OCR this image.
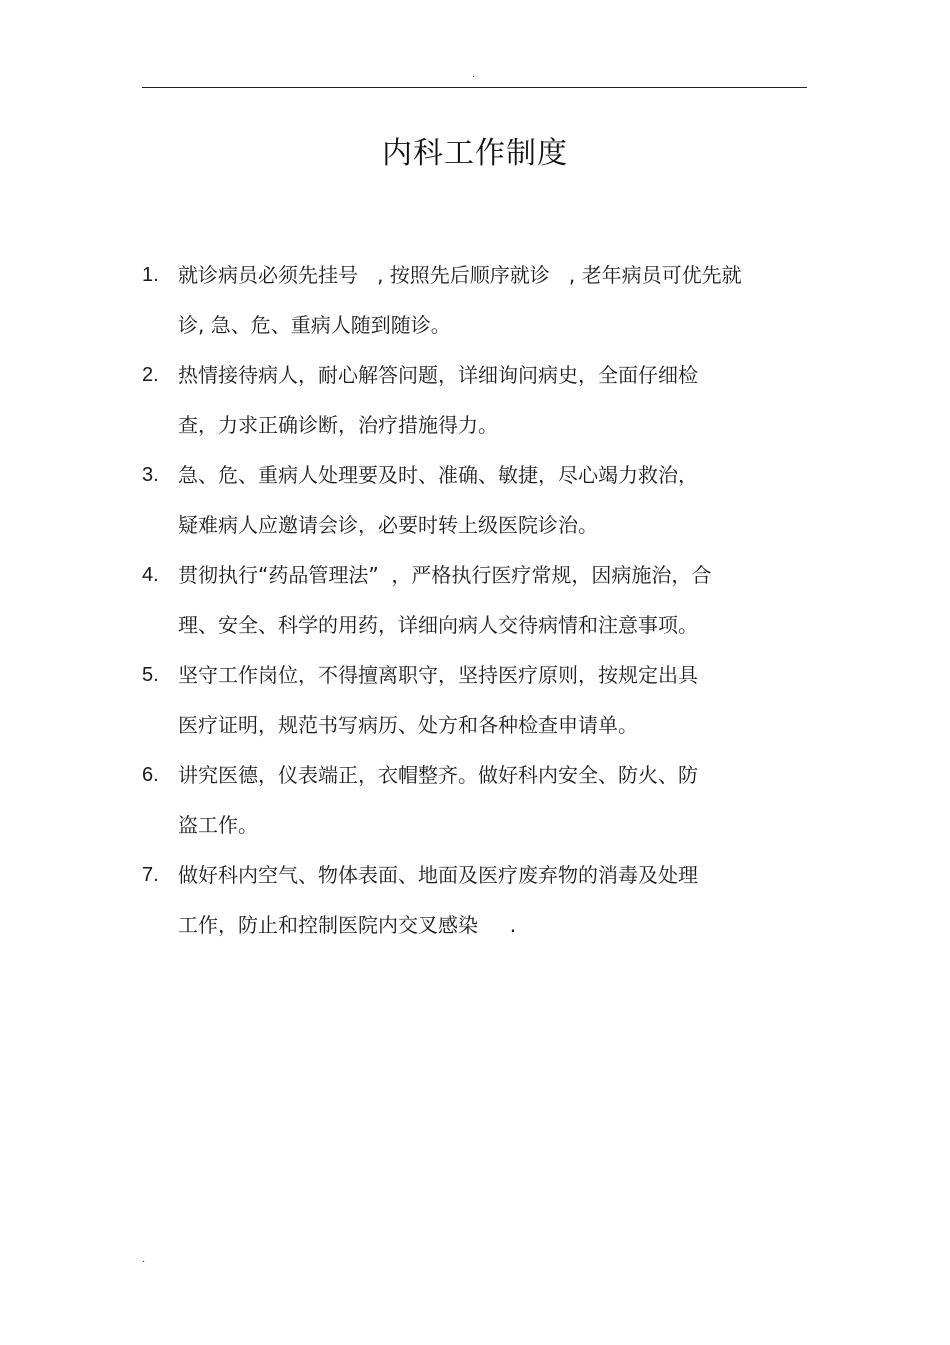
.
内科工作制度
1. 就诊病员必须先挂号   , 按照先后顺序就诊   , 老年病员可优先就
诊, 急、危、重病人随到随诊。
2. 热情接待病人，耐心解答问题，详细询问病史，全面仔细检
查，力求正确诊断，治疗措施得力。
3. 急、危、重病人处理要及时、准确、敏捷，尽心竭力救治，
疑难病人应邀请会诊，必要时转上级医院诊治。
4. 贯彻执行“药品管理法”  ，严格执行医疗常规，因病施治，合
理、安全、科学的用药，详细向病人交待病情和注意事项。
5. 坚守工作岗位，不得擅离职守，坚持医疗原则，按规定出具
医疗证明，规范书写病历、处方和各种检查申请单。
6. 讲究医德，仪表端正，衣帽整齐。做好科内安全、防火、防
盗工作。
7. 做好科内空气、物体表面、地面及医疗废弃物的消毒及处理
工作，防止和控制医院内交叉感染     .
.
